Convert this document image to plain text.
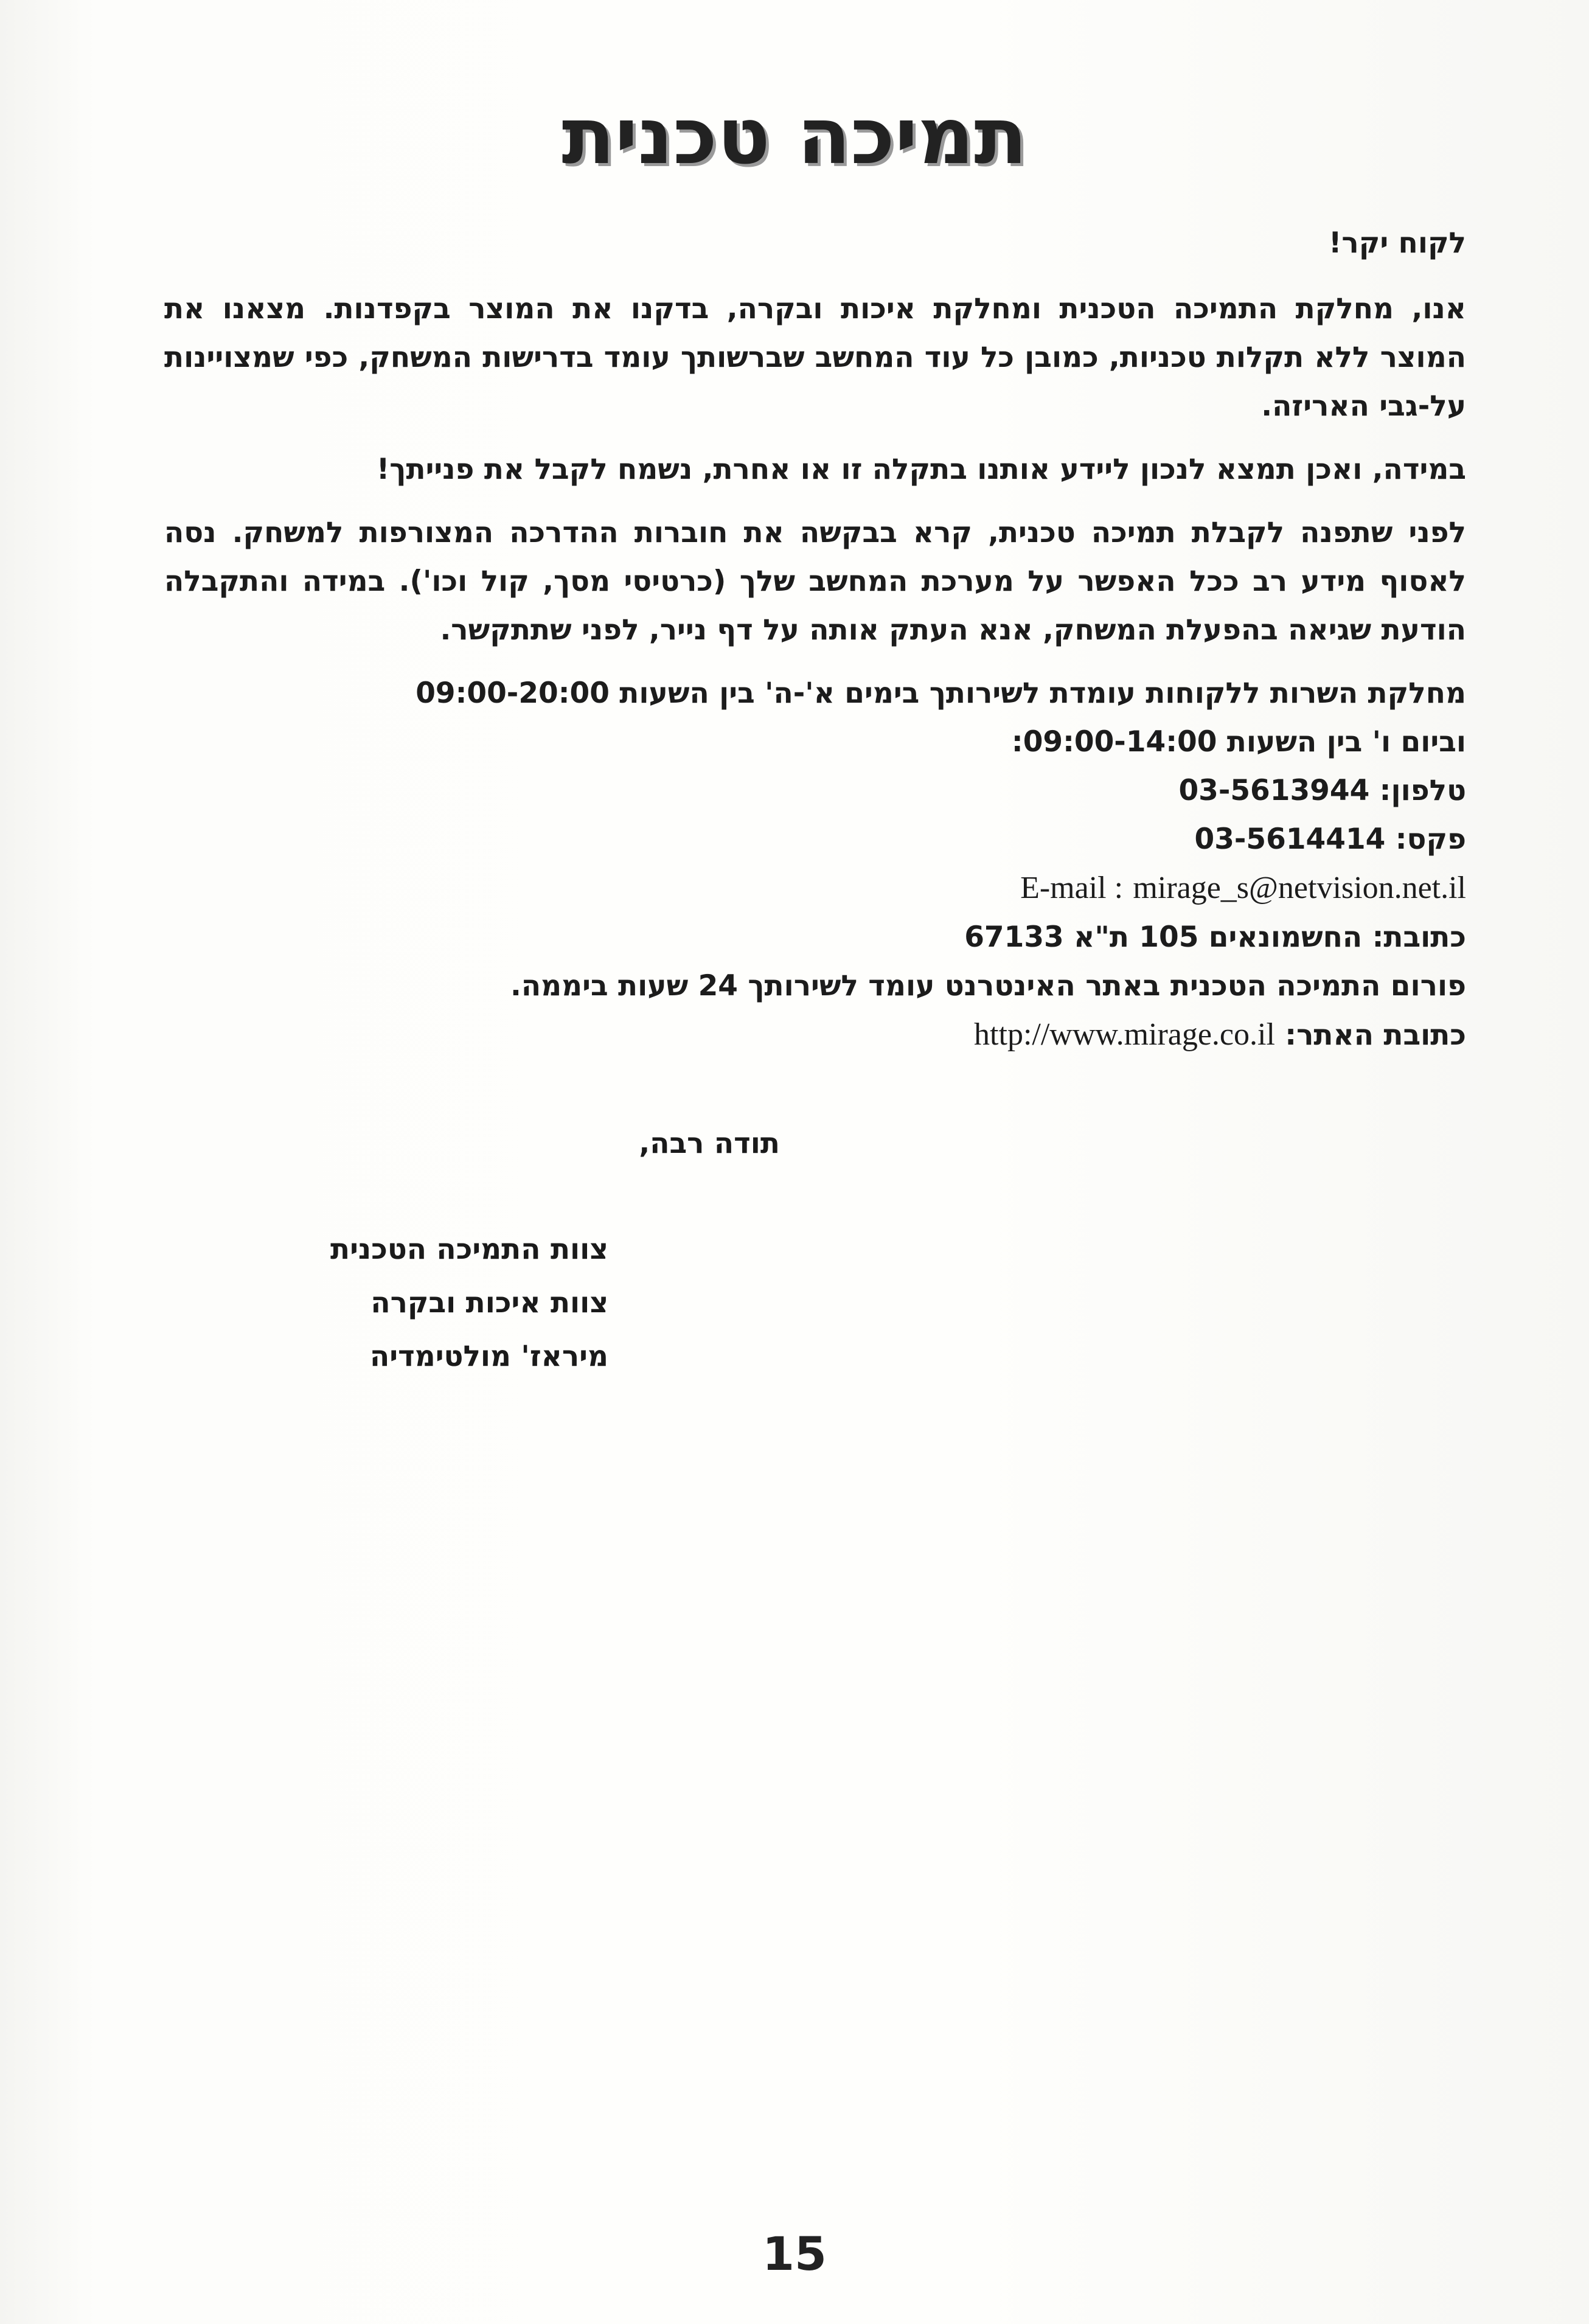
תמיכה טכנית

לקוח יקר!

אנו, מחלקת התמיכה הטכנית ומחלקת איכות ובקרה, בדקנו את המוצר בקפדנות. מצאנו את המוצר ללא תקלות טכניות, כמובן כל עוד המחשב שברשותך עומד בדרישות המשחק, כפי שמצויינות על-גבי האריזה.

במידה, ואכן תמצא לנכון ליידע אותנו בתקלה זו או אחרת, נשמח לקבל את פנייתך!

לפני שתפנה לקבלת תמיכה טכנית, קרא בבקשה את חוברות ההדרכה המצורפות למשחק. נסה לאסוף מידע רב ככל האפשר על מערכת המחשב שלך (כרטיסי מסך, קול וכו'). במידה והתקבלה הודעת שגיאה בהפעלת המשחק, אנא העתק אותה על דף נייר, לפני שתתקשר.

מחלקת השרות ללקוחות עומדת לשירותך בימים א'-ה' בין השעות 09:00-20:00

וביום ו' בין השעות 09:00-14:00:

טלפון: 03-5613944

פקס: 03-5614414

E-mail : mirage_s@netvision.net.il

כתובת: החשמונאים 105 ת"א 67133

פורום התמיכה הטכנית באתר האינטרנט עומד לשירותך 24 שעות ביממה.

כתובת האתר: http://www.mirage.co.il

תודה רבה,
צוות התמיכה הטכנית
צוות איכות ובקרה
מיראז' מולטימדיה
15
